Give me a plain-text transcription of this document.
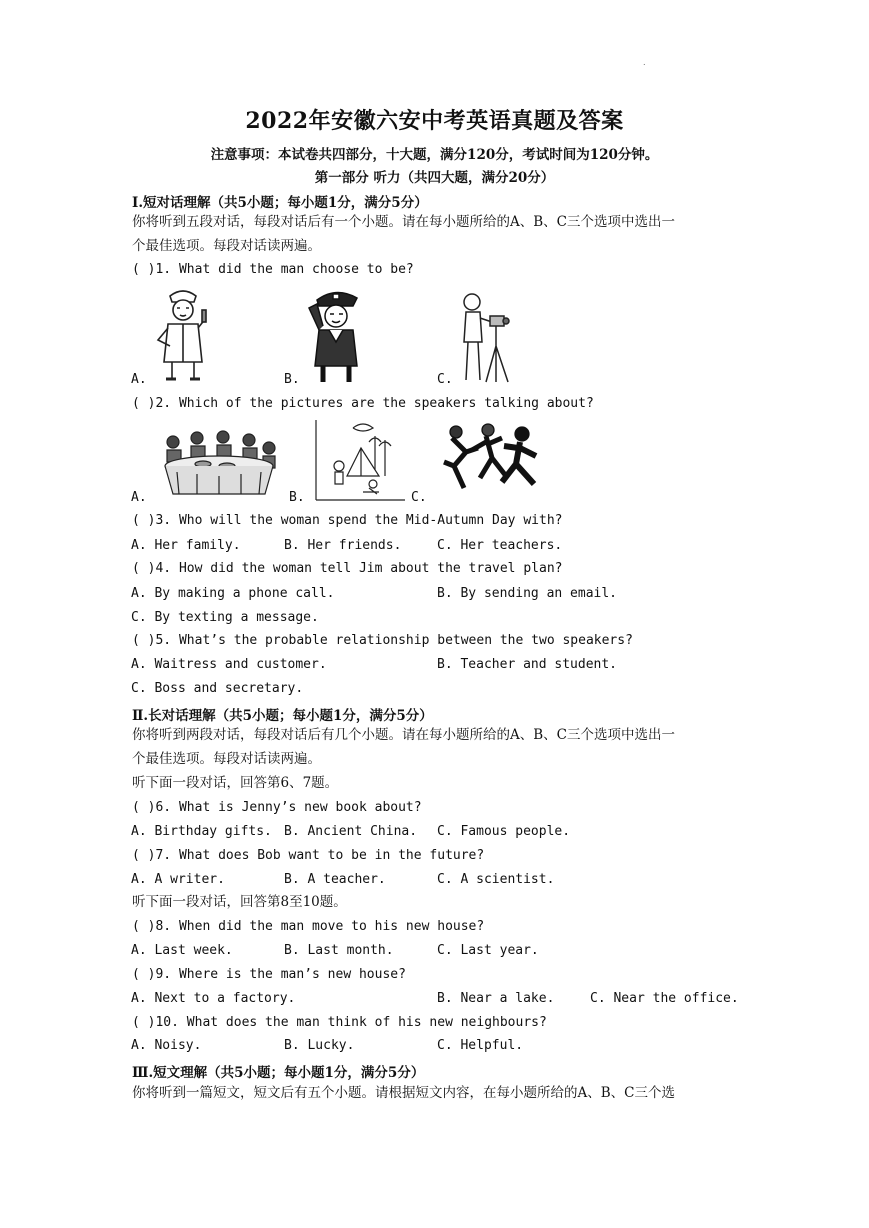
.
2022年安徽六安中考英语真题及答案
注意事项：本试卷共四部分，十大题，满分120分，考试时间为120分钟。
第一部分 听力（共四大题，满分20分）
Ⅰ.短对话理解（共5小题；每小题1分，满分5分）
你将听到五段对话，每段对话后有一个小题。请在每小题所给的A、B、C三个选项中选出一
个最佳选项。每段对话读两遍。
( )1. What did the man choose to be?
A.	B.	C.
( )2. Which of the pictures are the speakers talking about?
A.	B.	C.
( )3. Who will the woman spend the Mid-Autumn Day with?
A. Her family.	B. Her friends.	C. Her teachers.
( )4. How did the woman tell Jim about the travel plan?
A. By making a phone call.	B. By sending an email.
C. By texting a message.
( )5. What’s the probable relationship between the two speakers?
A. Waitress and customer.	B. Teacher and student.
C. Boss and secretary.
Ⅱ.长对话理解（共5小题；每小题1分，满分5分）
你将听到两段对话，每段对话后有几个小题。请在每小题所给的A、B、C三个选项中选出一
个最佳选项。每段对话读两遍。
听下面一段对话，回答第6、7题。
( )6. What is Jenny’s new book about?
A. Birthday gifts. B. Ancient China. C. Famous people.
( )7. What does Bob want to be in the future?
A. A writer.	B. A teacher.	C. A scientist.
听下面一段对话，回答第8至10题。
( )8. When did the man move to his new house?
A. Last week.	B. Last month.	C. Last year.
( )9. Where is the man’s new house?
A. Next to a factory.	B. Near a lake.	C. Near the office.
( )10. What does the man think of his new neighbours?
A. Noisy.	B. Lucky.	C. Helpful.
Ⅲ.短文理解（共5小题；每小题1分，满分5分）
你将听到一篇短文，短文后有五个小题。请根据短文内容，在每小题所给的A、B、C三个选
